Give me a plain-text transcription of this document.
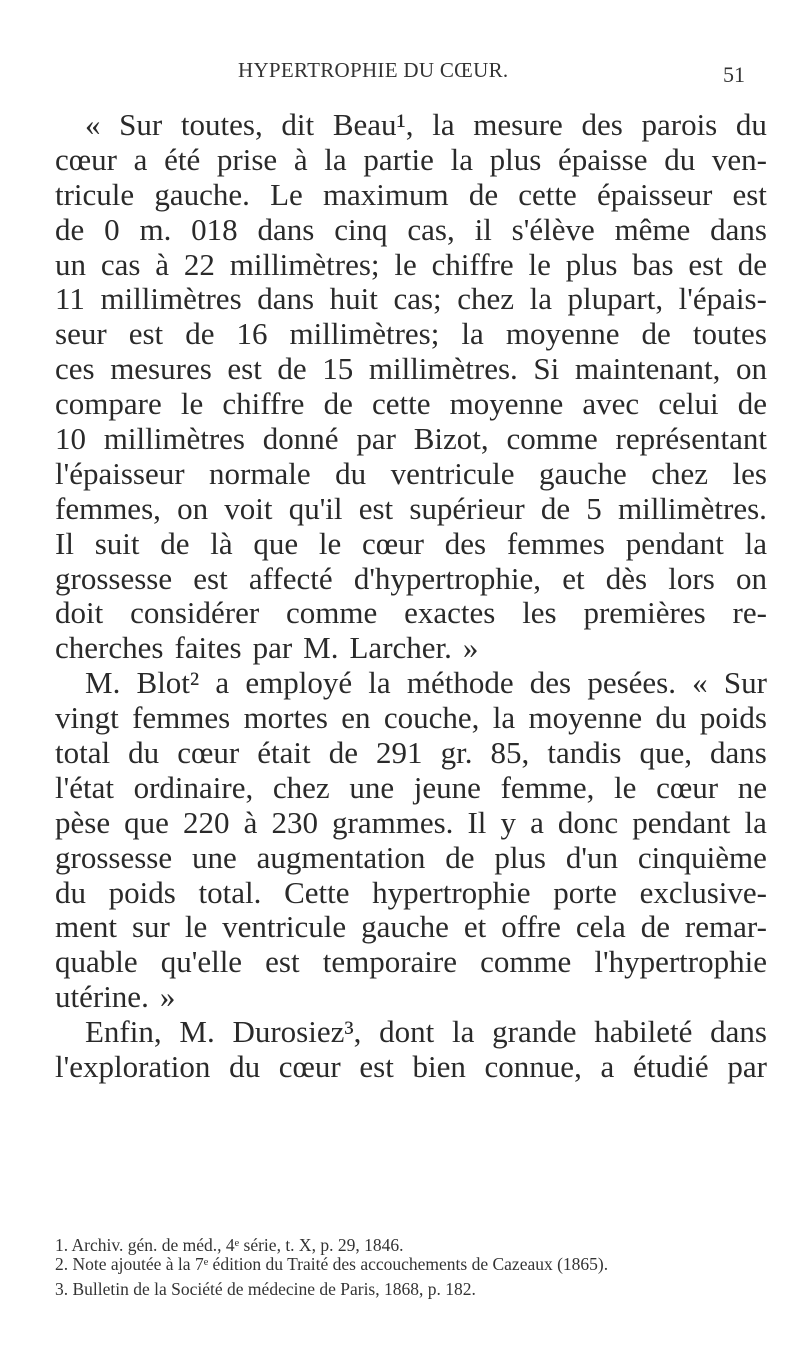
HYPERTROPHIE DU CŒUR.	51
« Sur toutes, dit Beau¹, la mesure des parois du
cœur a été prise à la partie la plus épaisse du ven-
tricule gauche. Le maximum de cette épaisseur est
de 0 m. 018 dans cinq cas, il s'élève même dans
un cas à 22 millimètres; le chiffre le plus bas est de
11 millimètres dans huit cas; chez la plupart, l'épais-
seur est de 16 millimètres; la moyenne de toutes
ces mesures est de 15 millimètres. Si maintenant, on
compare le chiffre de cette moyenne avec celui de
10 millimètres donné par Bizot, comme représentant
l'épaisseur normale du ventricule gauche chez les
femmes, on voit qu'il est supérieur de 5 millimètres.
Il suit de là que le cœur des femmes pendant la
grossesse est affecté d'hypertrophie, et dès lors on
doit considérer comme exactes les premières re-
cherches faites par M. Larcher. »
M. Blot² a employé la méthode des pesées. « Sur
vingt femmes mortes en couche, la moyenne du poids
total du cœur était de 291 gr. 85, tandis que, dans
l'état ordinaire, chez une jeune femme, le cœur ne
pèse que 220 à 230 grammes. Il y a donc pendant la
grossesse une augmentation de plus d'un cinquième
du poids total. Cette hypertrophie porte exclusive-
ment sur le ventricule gauche et offre cela de remar-
quable qu'elle est temporaire comme l'hypertrophie
utérine. »
Enfin, M. Durosiez³, dont la grande habileté dans
l'exploration du cœur est bien connue, a étudié par
1. Archiv. gén. de méd., 4ᵉ série, t. X, p. 29, 1846.
2. Note ajoutée à la 7ᵉ édition du Traité des accouchements de Cazeaux (1865).
3. Bulletin de la Société de médecine de Paris, 1868, p. 182.
